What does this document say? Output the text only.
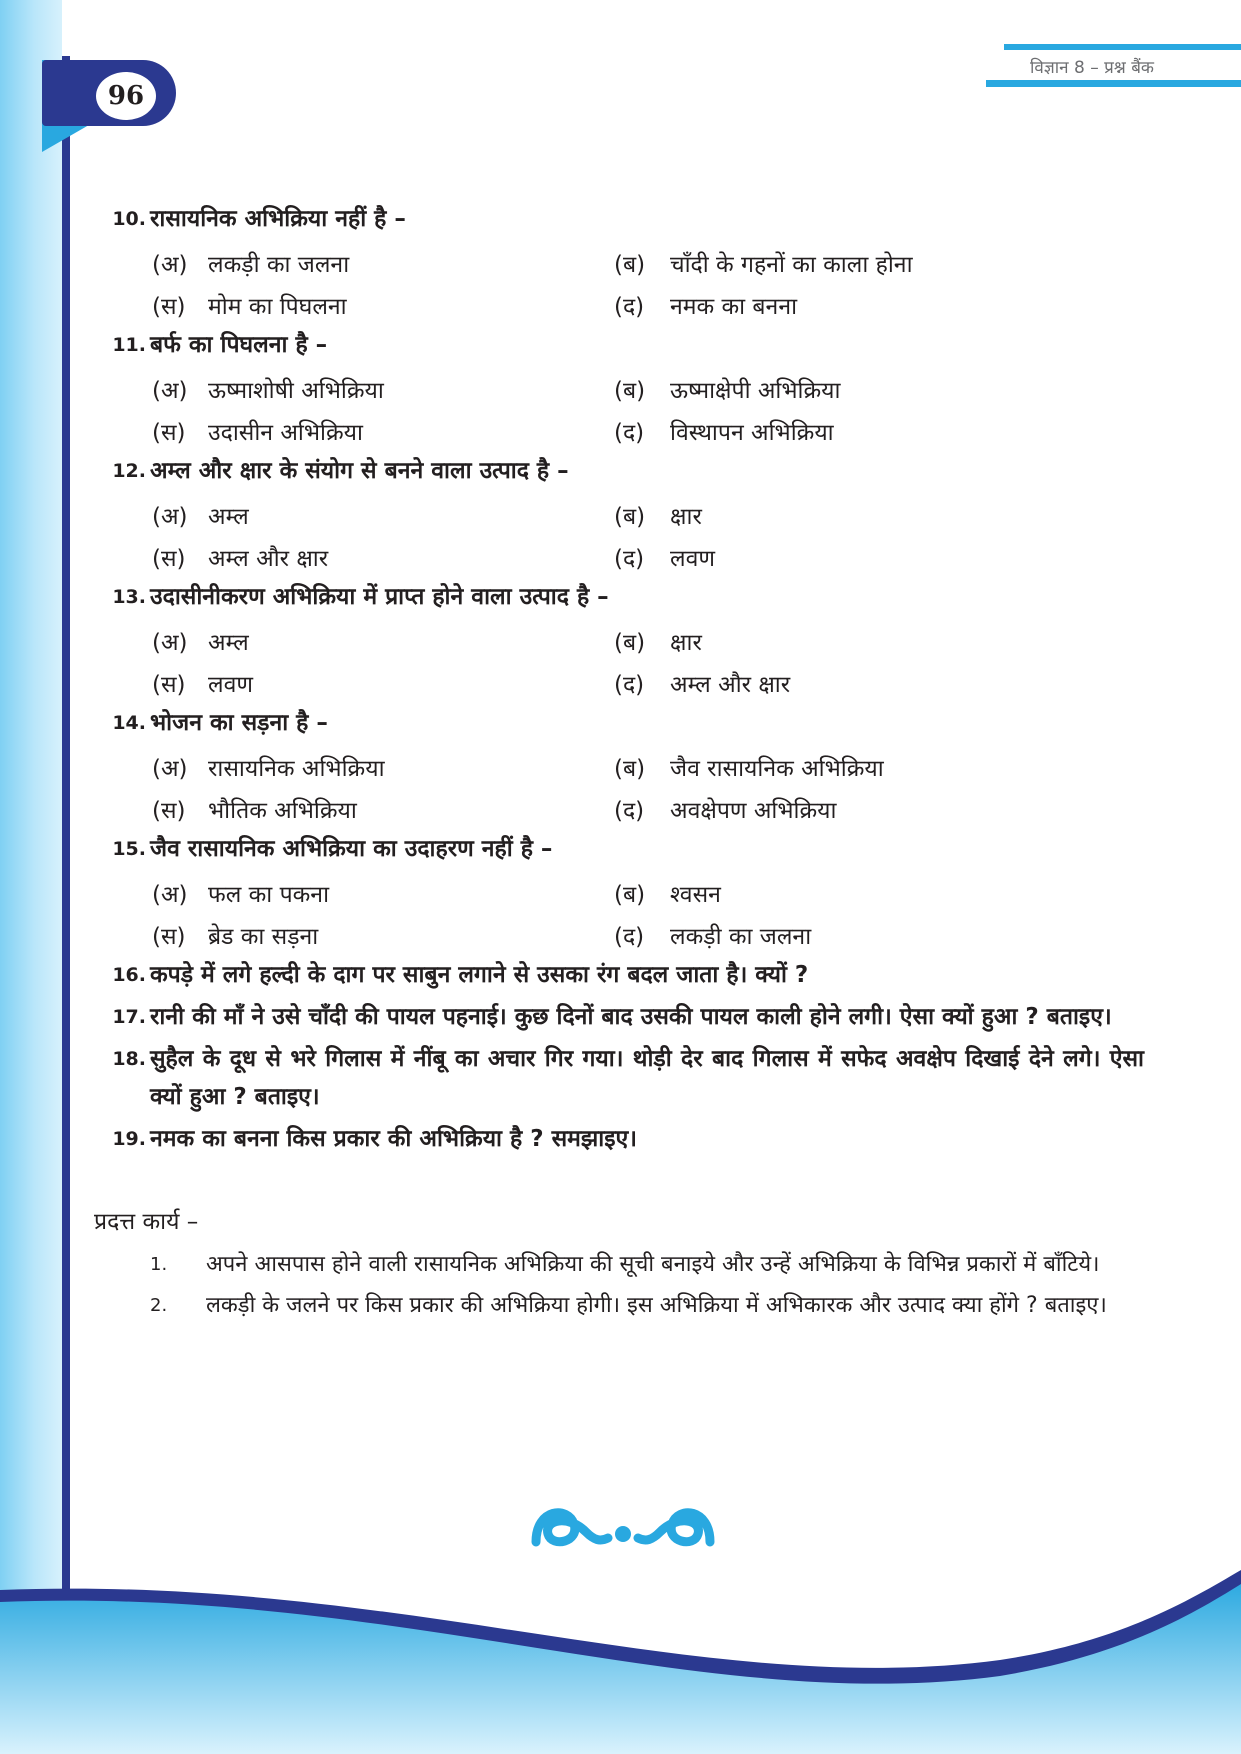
96
विज्ञान 8 – प्रश्न बैंक
10. रासायनिक अभिक्रिया नहीं है –
(अ) लकड़ी का जलना	(ब)	चाँदी के गहनों का काला होना
(स) मोम का पिघलना	(द)	नमक का बनना
11. बर्फ का पिघलना है –
(अ) ऊष्माशोषी अभिक्रिया	(ब)	ऊष्माक्षेपी अभिक्रिया
(स) उदासीन अभिक्रिया	(द)	विस्थापन अभिक्रिया
12. अम्ल और क्षार के संयोग से बनने वाला उत्पाद है –
(अ) अम्ल	(ब)	क्षार
(स) अम्ल और क्षार	(द)	लवण
13. उदासीनीकरण अभिक्रिया में प्राप्त होने वाला उत्पाद है –
(अ) अम्ल	(ब)	क्षार
(स) लवण	(द)	अम्ल और क्षार
14. भोजन का सड़ना है –
(अ) रासायनिक अभिक्रिया	(ब)	जैव रासायनिक अभिक्रिया
(स) भौतिक अभिक्रिया	(द)	अवक्षेपण अभिक्रिया
15. जैव रासायनिक अभिक्रिया का उदाहरण नहीं है –
(अ) फल का पकना	(ब)	श्वसन
(स) ब्रेड का सड़ना	(द)	लकड़ी का जलना
16. कपड़े में लगे हल्दी के दाग पर साबुन लगाने से उसका रंग बदल जाता है। क्यों ?
17. रानी की माँ ने उसे चाँदी की पायल पहनाई। कुछ दिनों बाद उसकी पायल काली होने लगी। ऐसा क्यों हुआ ? बताइए।
18. सुहैल के दूध से भरे गिलास में नींबू का अचार गिर गया। थोड़ी देर बाद गिलास में सफेद अवक्षेप दिखाई देने लगे। ऐसा क्यों हुआ ? बताइए।
19. नमक का बनना किस प्रकार की अभिक्रिया है ? समझाइए।
प्रदत्त कार्य –
1. अपने आसपास होने वाली रासायनिक अभिक्रिया की सूची बनाइये और उन्हें अभिक्रिया के विभिन्न प्रकारों में बाँटिये।
2. लकड़ी के जलने पर किस प्रकार की अभिक्रिया होगी। इस अभिक्रिया में अभिकारक और उत्पाद क्या होंगे ? बताइए।
